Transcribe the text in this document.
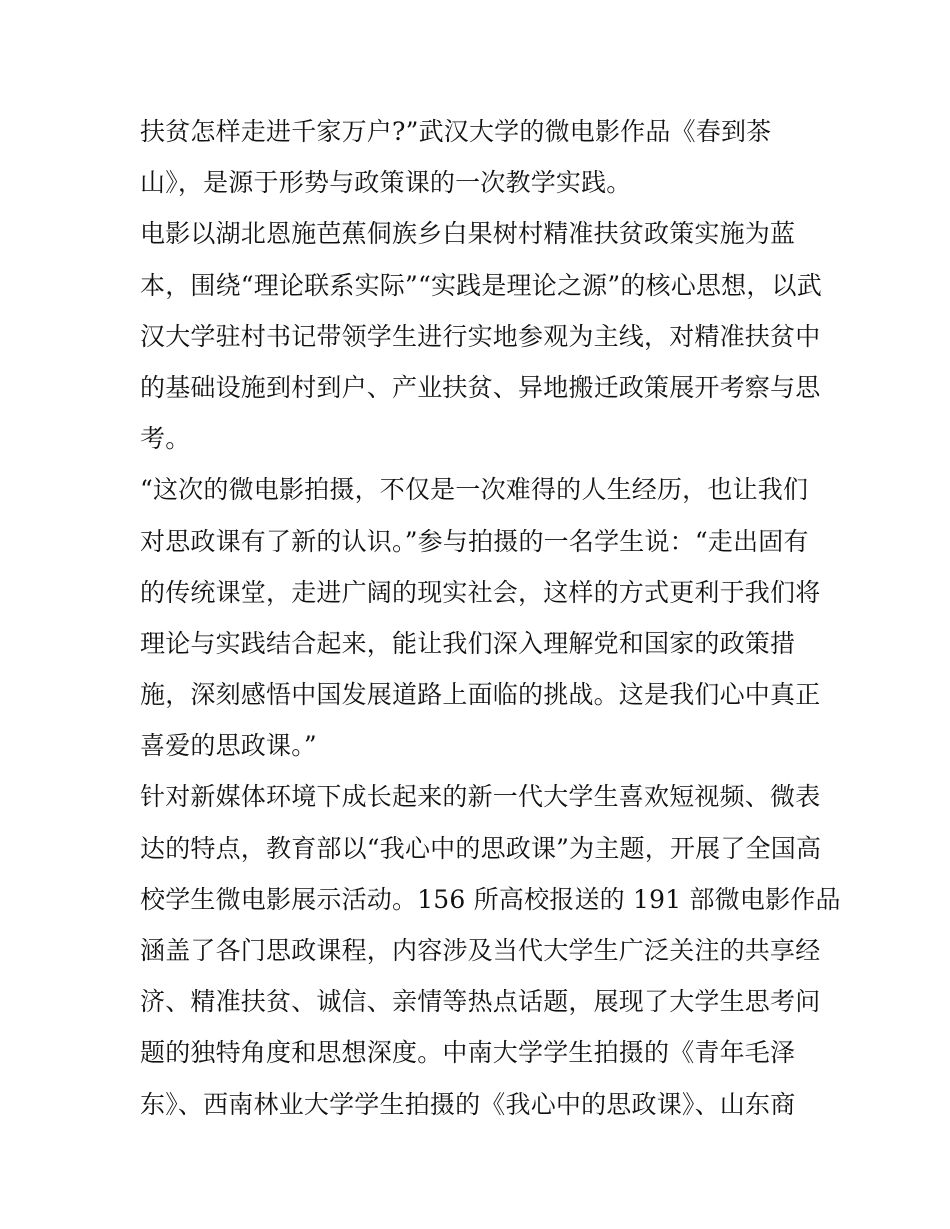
扶贫怎样走进千家万户?”武汉大学的微电影作品《春到茶
山》，是源于形势与政策课的一次教学实践。
电影以湖北恩施芭蕉侗族乡白果树村精准扶贫政策实施为蓝
本，围绕“理论联系实际”“实践是理论之源”的核心思想，以武
汉大学驻村书记带领学生进行实地参观为主线，对精准扶贫中
的基础设施到村到户、产业扶贫、异地搬迁政策展开考察与思
考。
“这次的微电影拍摄，不仅是一次难得的人生经历，也让我们
对思政课有了新的认识。”参与拍摄的一名学生说：“走出固有
的传统课堂，走进广阔的现实社会，这样的方式更利于我们将
理论与实践结合起来，能让我们深入理解党和国家的政策措
施，深刻感悟中国发展道路上面临的挑战。这是我们心中真正
喜爱的思政课。”
针对新媒体环境下成长起来的新一代大学生喜欢短视频、微表
达的特点，教育部以“我心中的思政课”为主题，开展了全国高
校学生微电影展示活动。156 所高校报送的 191 部微电影作品
涵盖了各门思政课程，内容涉及当代大学生广泛关注的共享经
济、精准扶贫、诚信、亲情等热点话题，展现了大学生思考问
题的独特角度和思想深度。中南大学学生拍摄的《青年毛泽
东》、西南林业大学学生拍摄的《我心中的思政课》、山东商
